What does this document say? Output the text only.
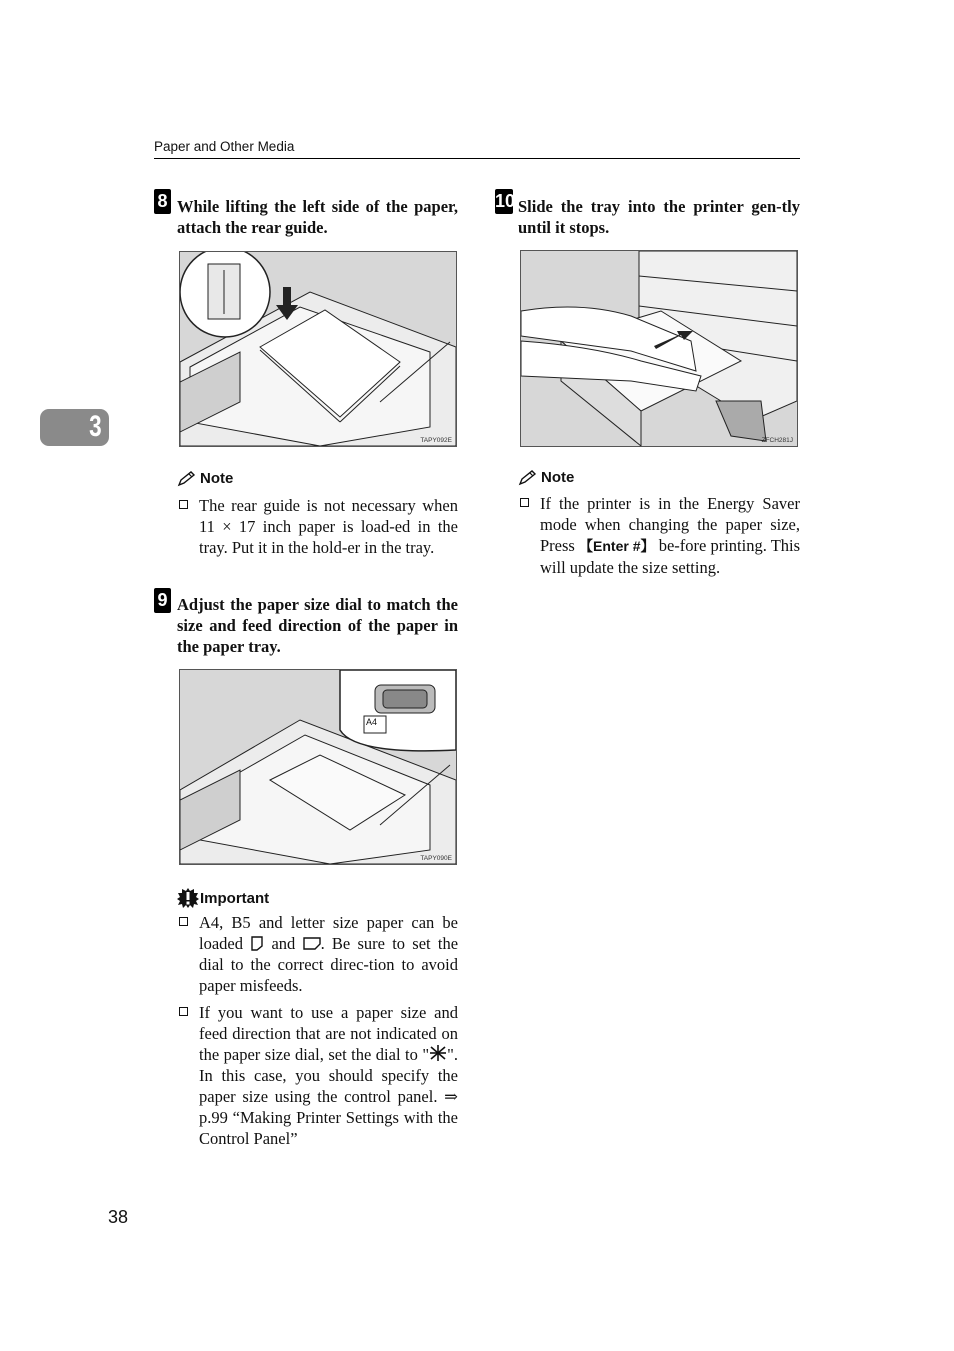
Paper and Other Media
3
8 While lifting the left side of the paper, attach the rear guide.
TAPY092E
Note
The rear guide is not necessary when 11 × 17 inch paper is load-ed in the tray. Put it in the hold-er in the tray.
9 Adjust the paper size dial to match the size and feed direction of the paper in the paper tray.
A4
TAPY090E
Important
A4, B5 and letter size paper can be loaded and . Be sure to set the dial to the correct direc-tion to avoid paper misfeeds.
If you want to use a paper size and feed direction that are not indicated on the paper size dial, set the dial to " ". In this case, you should specify the paper size using the control panel. ⇒ p.99 “Making Printer Settings with the Control Panel”
10 Slide the tray into the printer gen-tly until it stops.
ZFCH281J
Note
If the printer is in the Energy Saver mode when changing the paper size, Press 【Enter #】 be-fore printing. This will update the size setting.
38
